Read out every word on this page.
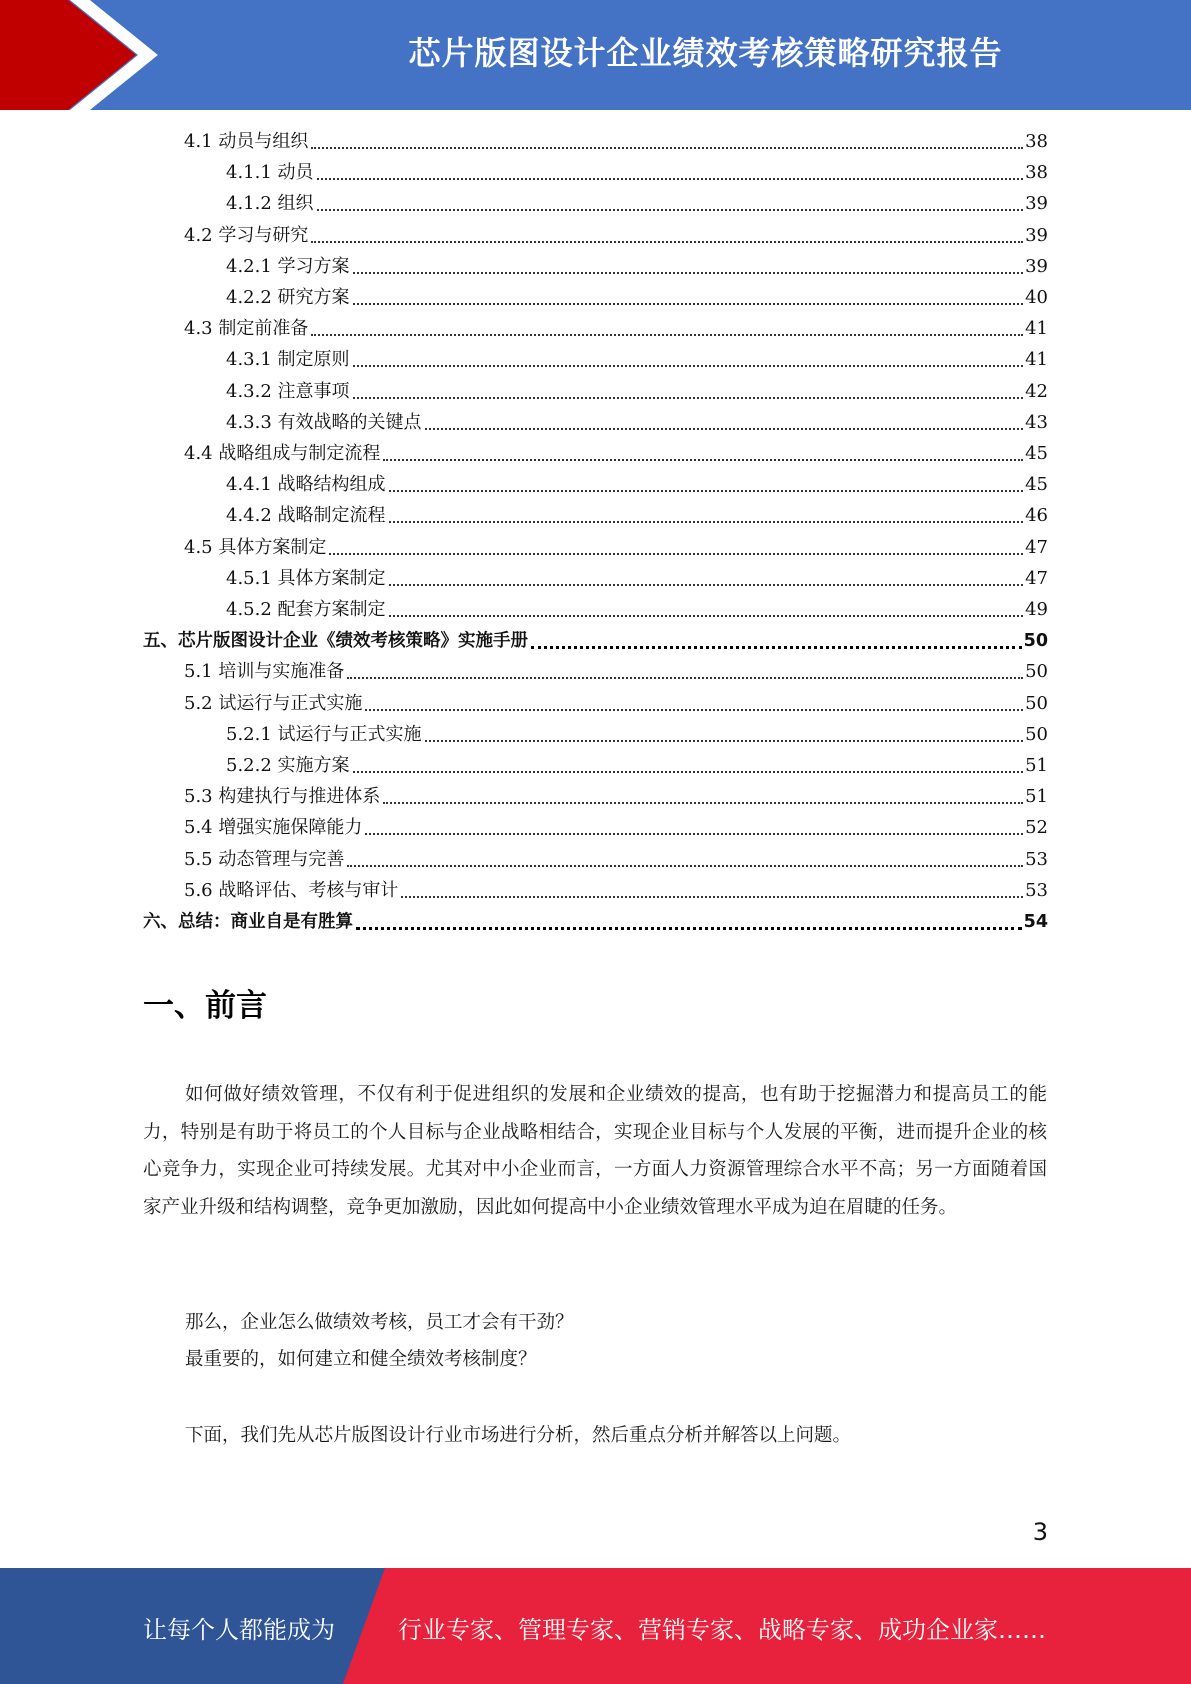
芯片版图设计企业绩效考核策略研究报告
4.1 动员与组织	38
4.1.1 动员	38
4.1.2 组织	39
4.2 学习与研究	39
4.2.1 学习方案	39
4.2.2 研究方案	40
4.3 制定前准备	41
4.3.1 制定原则	41
4.3.2 注意事项	42
4.3.3 有效战略的关键点	43
4.4 战略组成与制定流程	45
4.4.1 战略结构组成	45
4.4.2 战略制定流程	46
4.5 具体方案制定	47
4.5.1 具体方案制定	47
4.5.2 配套方案制定	49
五、芯片版图设计企业《绩效考核策略》实施手册	50
5.1 培训与实施准备	50
5.2 试运行与正式实施	50
5.2.1 试运行与正式实施	50
5.2.2 实施方案	51
5.3 构建执行与推进体系	51
5.4 增强实施保障能力	52
5.5 动态管理与完善	53
5.6 战略评估、考核与审计	53
六、总结：商业自是有胜算	54
一、前言
如何做好绩效管理，不仅有利于促进组织的发展和企业绩效的提高，也有助于挖掘潜力和提高员工的能力，特别是有助于将员工的个人目标与企业战略相结合，实现企业目标与个人发展的平衡，进而提升企业的核心竞争力，实现企业可持续发展。尤其对中小企业而言，一方面人力资源管理综合水平不高；另一方面随着国家产业升级和结构调整，竞争更加激励，因此如何提高中小企业绩效管理水平成为迫在眉睫的任务。
那么，企业怎么做绩效考核，员工才会有干劲？
最重要的，如何建立和健全绩效考核制度？
下面，我们先从芯片版图设计行业市场进行分析，然后重点分析并解答以上问题。
3
让每个人都能成为	行业专家、管理专家、营销专家、战略专家、成功企业家……
